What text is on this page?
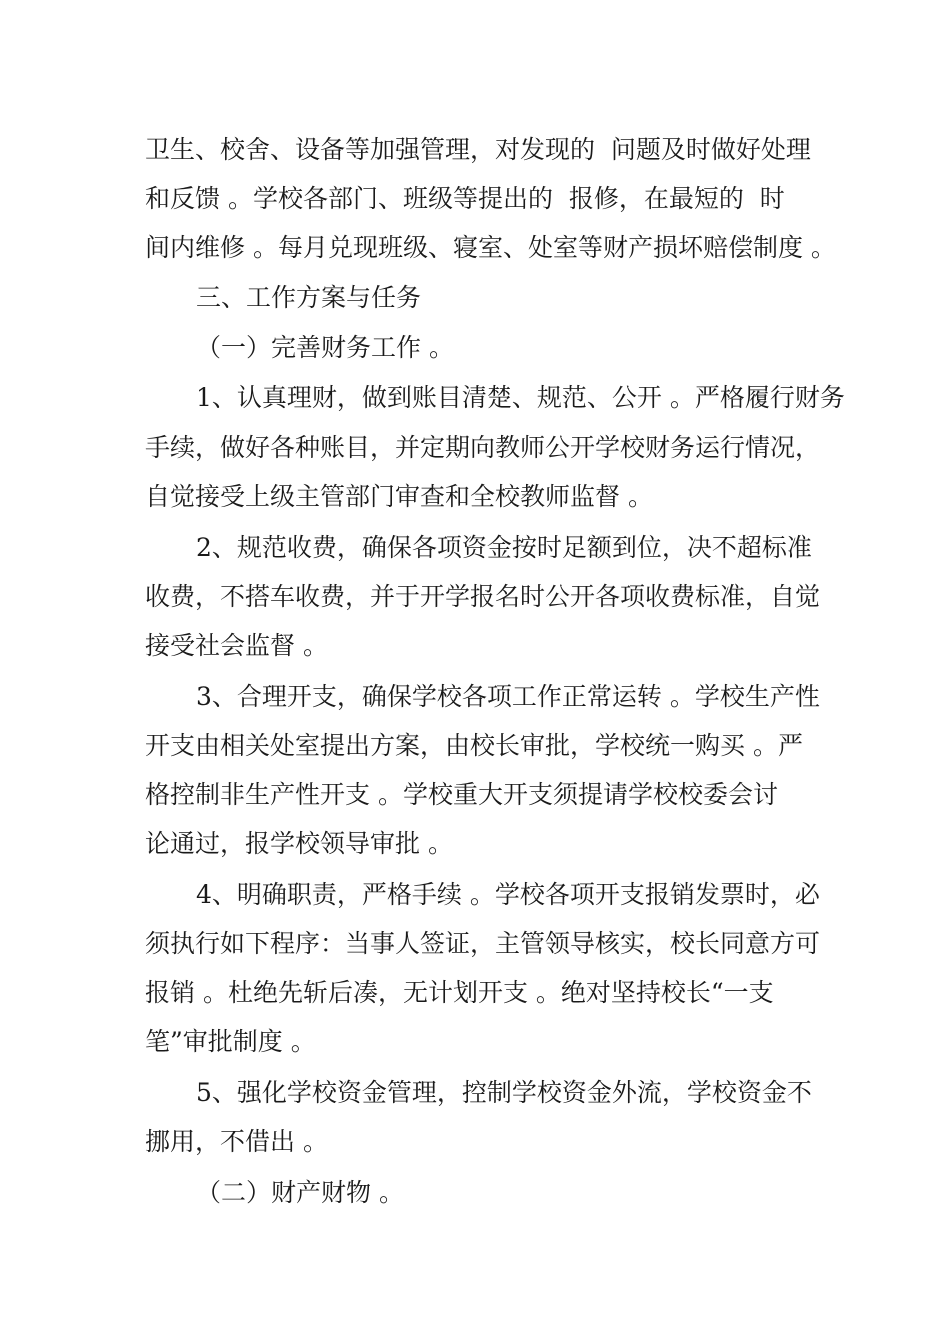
卫生、校舍、设备等加强管理，对发现的  问题及时做好处理
和反馈 。学校各部门、班级等提出的  报修，在最短的  时
间内维修 。每月兑现班级、寝室、处室等财产损坏赔偿制度 。
三、工作方案与任务
（一）完善财务工作 。
1、认真理财，做到账目清楚、规范、公开 。严格履行财务
手续，做好各种账目，并定期向教师公开学校财务运行情况，
自觉接受上级主管部门审查和全校教师监督 。
2、规范收费，确保各项资金按时足额到位，决不超标准
收费，不搭车收费，并于开学报名时公开各项收费标准，自觉
接受社会监督 。
3、合理开支，确保学校各项工作正常运转 。学校生产性
开支由相关处室提出方案，由校长审批，学校统一购买 。严
格控制非生产性开支 。学校重大开支须提请学校校委会讨
论通过，报学校领导审批 。
4、明确职责，严格手续 。学校各项开支报销发票时，必
须执行如下程序：当事人签证，主管领导核实，校长同意方可
报销 。杜绝先斩后凑，无计划开支 。绝对坚持校长“一支
笔”审批制度 。
5、强化学校资金管理，控制学校资金外流，学校资金不
挪用，不借出 。
（二）财产财物 。
